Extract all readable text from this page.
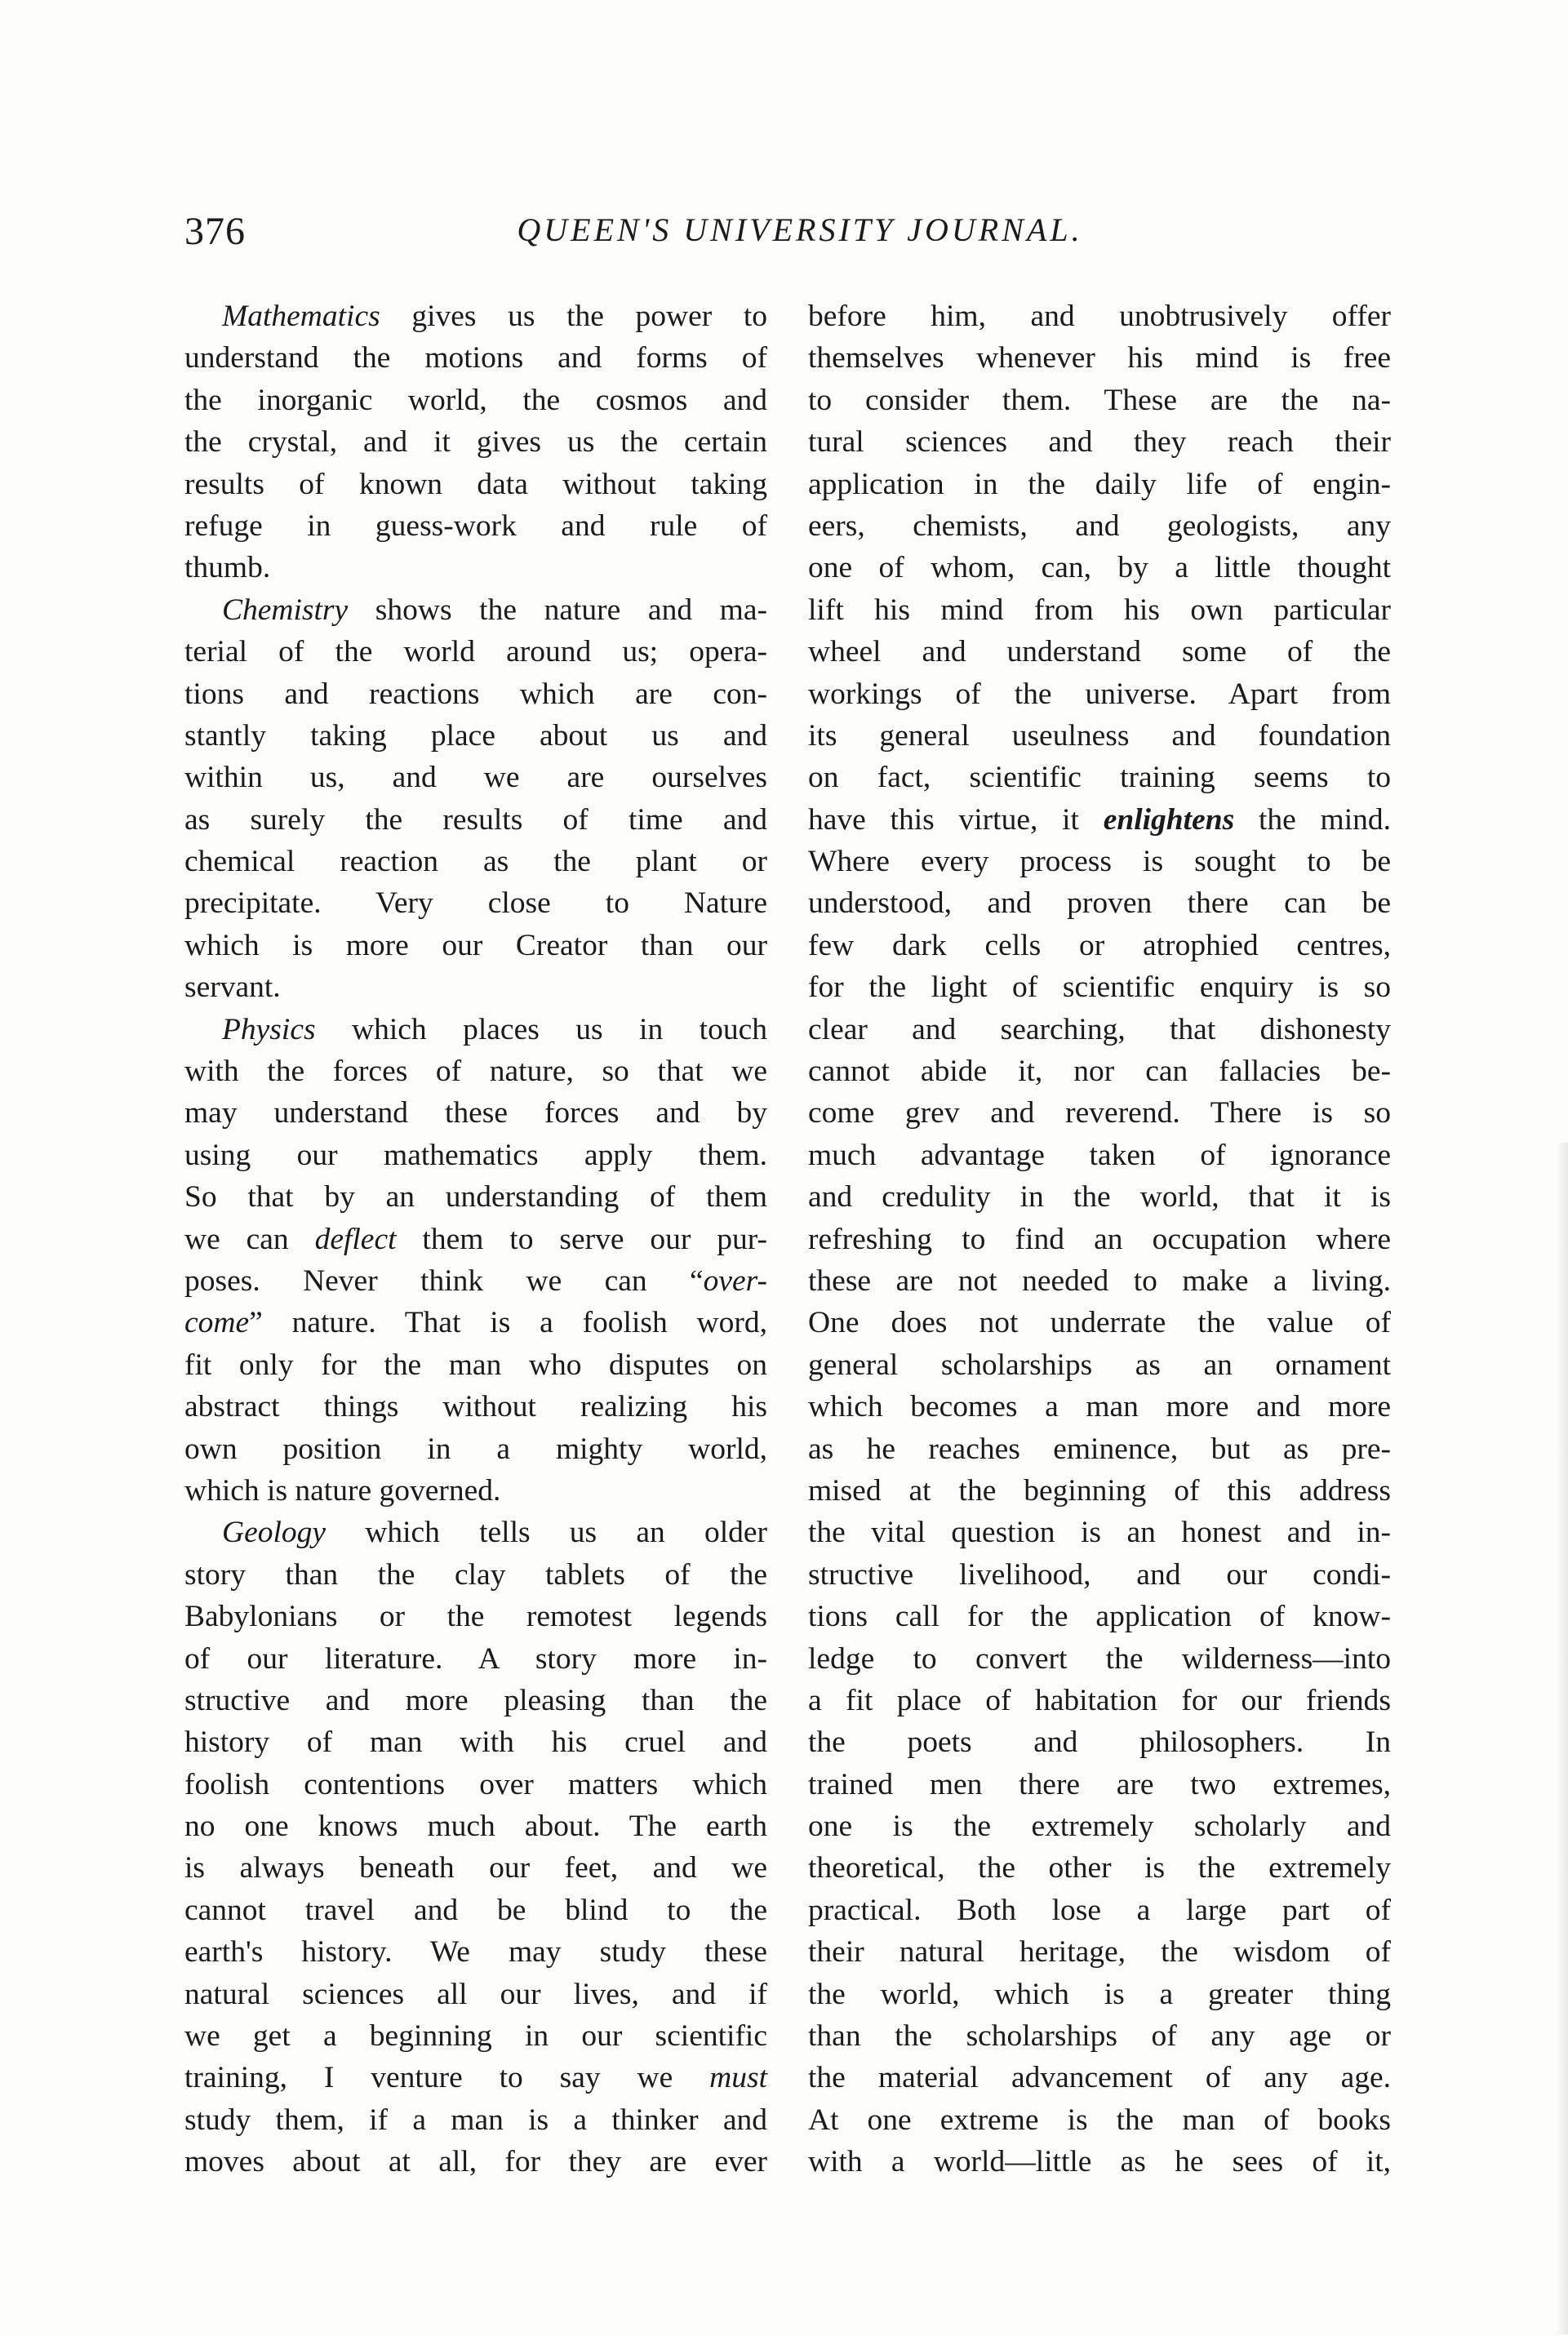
376	QUEEN'S UNIVERSITY JOURNAL.
Mathematics gives us the power to
understand the motions and forms of
the inorganic world, the cosmos and
the crystal, and it gives us the certain
results of known data without taking
refuge in guess-work and rule of
thumb.
Chemistry shows the nature and ma-
terial of the world around us; opera-
tions and reactions which are con-
stantly taking place about us and
within us, and we are ourselves
as surely the results of time and
chemical reaction as the plant or
precipitate. Very close to Nature
which is more our Creator than our
servant.
Physics which places us in touch
with the forces of nature, so that we
may understand these forces and by
using our mathematics apply them.
So that by an understanding of them
we can deflect them to serve our pur-
poses. Never think we can “over-
come” nature. That is a foolish word,
fit only for the man who disputes on
abstract things without realizing his
own position in a mighty world,
which is nature governed.
Geology which tells us an older
story than the clay tablets of the
Babylonians or the remotest legends
of our literature. A story more in-
structive and more pleasing than the
history of man with his cruel and
foolish contentions over matters which
no one knows much about. The earth
is always beneath our feet, and we
cannot travel and be blind to the
earth's history. We may study these
natural sciences all our lives, and if
we get a beginning in our scientific
training, I venture to say we must
study them, if a man is a thinker and
moves about at all, for they are ever
before him, and unobtrusively offer
themselves whenever his mind is free
to consider them. These are the na-
tural sciences and they reach their
application in the daily life of engin-
eers, chemists, and geologists, any
one of whom, can, by a little thought
lift his mind from his own particular
wheel and understand some of the
workings of the universe. Apart from
its general useulness and foundation
on fact, scientific training seems to
have this virtue, it enlightens the mind.
Where every process is sought to be
understood, and proven there can be
few dark cells or atrophied centres,
for the light of scientific enquiry is so
clear and searching, that dishonesty
cannot abide it, nor can fallacies be-
come grev and reverend. There is so
much advantage taken of ignorance
and credulity in the world, that it is
refreshing to find an occupation where
these are not needed to make a living.
One does not underrate the value of
general scholarships as an ornament
which becomes a man more and more
as he reaches eminence, but as pre-
mised at the beginning of this address
the vital question is an honest and in-
structive livelihood, and our condi-
tions call for the application of know-
ledge to convert the wilderness—into
a fit place of habitation for our friends
the poets and philosophers. In
trained men there are two extremes,
one is the extremely scholarly and
theoretical, the other is the extremely
practical. Both lose a large part of
their natural heritage, the wisdom of
the world, which is a greater thing
than the scholarships of any age or
the material advancement of any age.
At one extreme is the man of books
with a world—little as he sees of it,
